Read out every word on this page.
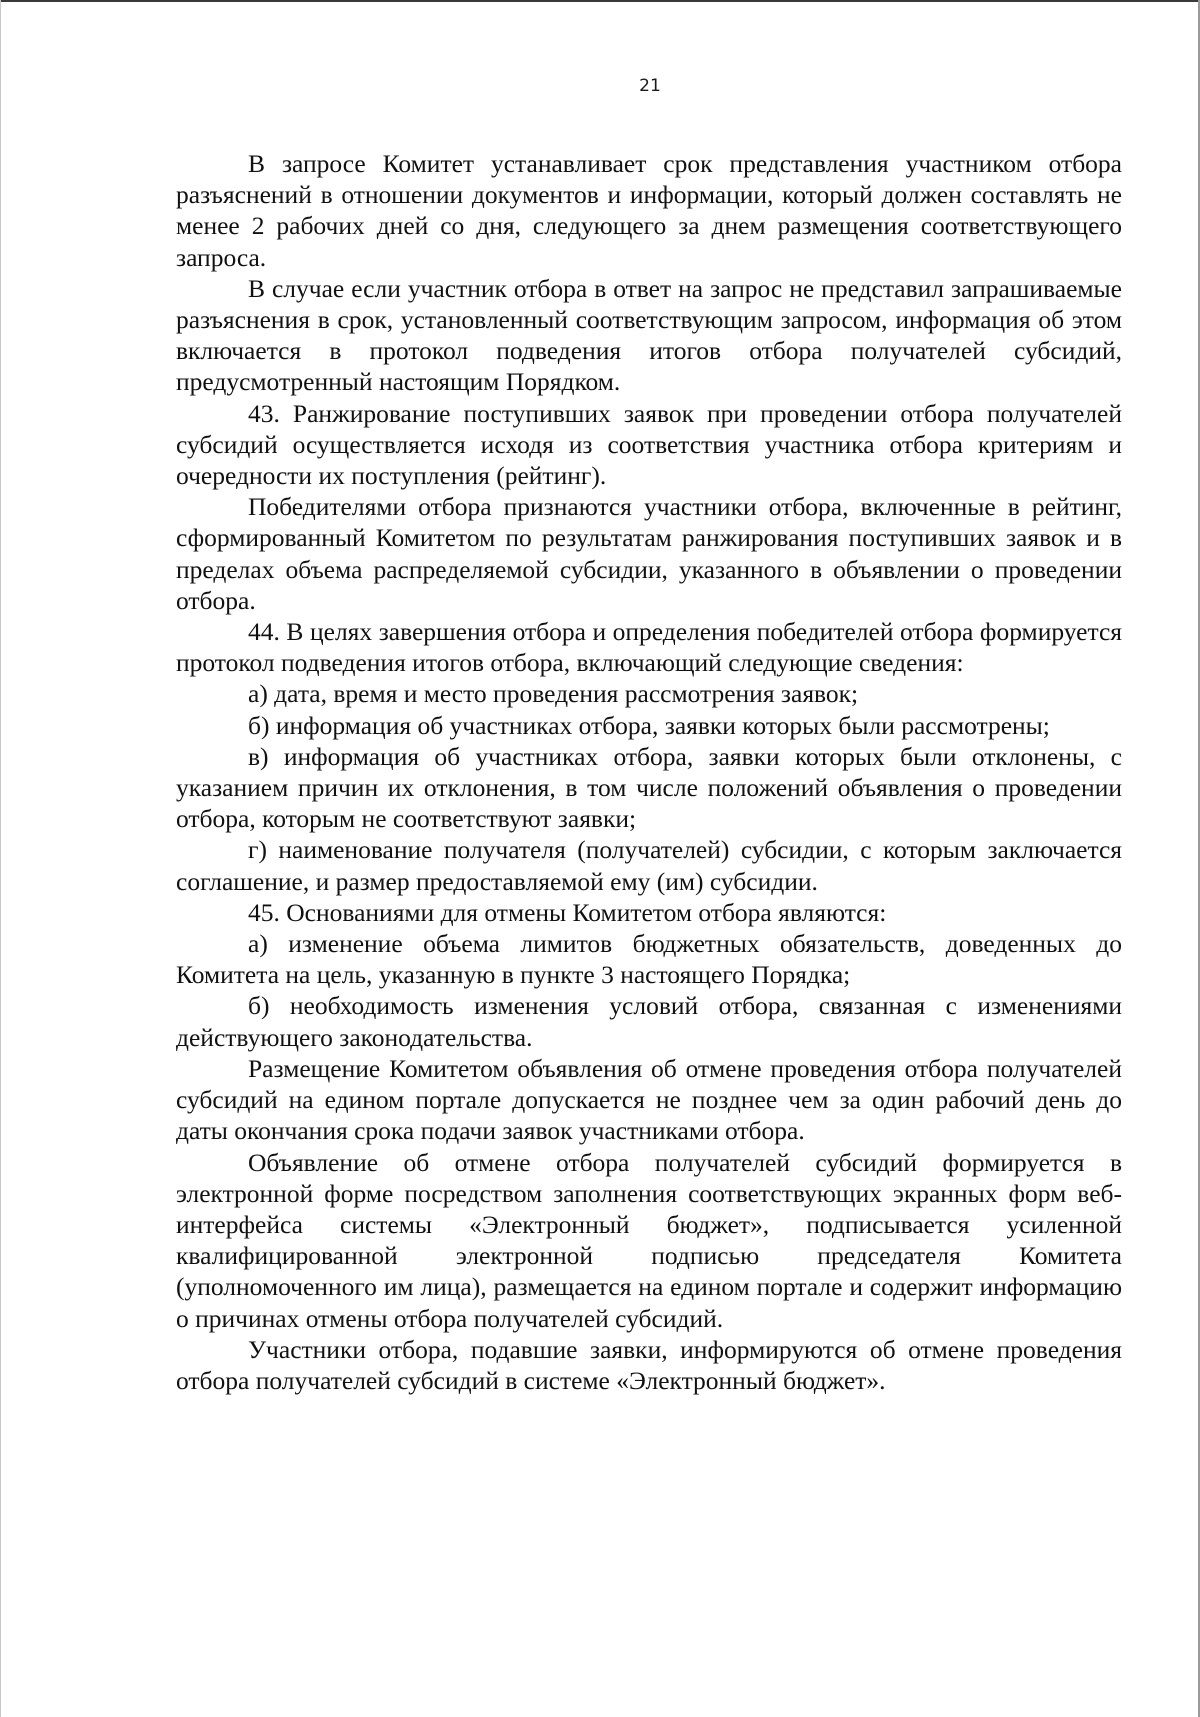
21

В запросе Комитет устанавливает срок представления участником отбора разъяснений в отношении документов и информации, который должен составлять не менее 2 рабочих дней со дня, следующего за днем размещения соответствующего запроса.

В случае если участник отбора в ответ на запрос не представил запрашиваемые разъяснения в срок, установленный соответствующим запросом, информация об этом включается в протокол подведения итогов отбора получателей субсидий, предусмотренный настоящим Порядком.

43. Ранжирование поступивших заявок при проведении отбора получателей субсидий осуществляется исходя из соответствия участника отбора критериям и очередности их поступления (рейтинг).

Победителями отбора признаются участники отбора, включенные в рейтинг, сформированный Комитетом по результатам ранжирования поступивших заявок и в пределах объема распределяемой субсидии, указанного в объявлении о проведении отбора.

44. В целях завершения отбора и определения победителей отбора формируется протокол подведения итогов отбора, включающий следующие сведения:

а) дата, время и место проведения рассмотрения заявок;

б) информация об участниках отбора, заявки которых были рассмотрены;

в) информация об участниках отбора, заявки которых были отклонены, с указанием причин их отклонения, в том числе положений объявления о проведении отбора, которым не соответствуют заявки;

г) наименование получателя (получателей) субсидии, с которым заключается соглашение, и размер предоставляемой ему (им) субсидии.

45. Основаниями для отмены Комитетом отбора являются:

а) изменение объема лимитов бюджетных обязательств, доведенных до Комитета на цель, указанную в пункте 3 настоящего Порядка;

б) необходимость изменения условий отбора, связанная с изменениями действующего законодательства.

Размещение Комитетом объявления об отмене проведения отбора получателей субсидий на едином портале допускается не позднее чем за один рабочий день до даты окончания срока подачи заявок участниками отбора.

Объявление об отмене отбора получателей субсидий формируется в электронной форме посредством заполнения соответствующих экранных форм веб-интерфейса системы «Электронный бюджет», подписывается усиленной квалифицированной электронной подписью председателя Комитета (уполномоченного им лица), размещается на едином портале и содержит информацию о причинах отмены отбора получателей субсидий.

Участники отбора, подавшие заявки, информируются об отмене проведения отбора получателей субсидий в системе «Электронный бюджет».
